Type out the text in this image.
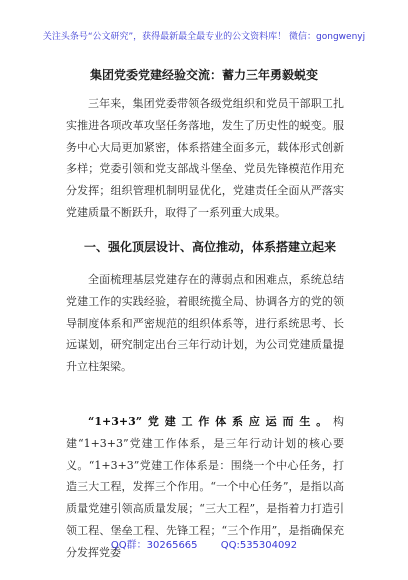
关注头条号“公文研究”，获得最新最全最专业的公文资料库！ 微信：gongwenyj
集团党委党建经验交流：蓄力三年勇毅蜕变

三年来，集团党委带领各级党组织和党员干部职工扎实推进各项改革攻坚任务落地，发生了历史性的蜕变。服务中心大局更加紧密，体系搭建全面多元，载体形式创新多样；党委引领和党支部战斗堡垒、党员先锋模范作用充分发挥；组织管理机制明显优化，党建责任全面从严落实党建质量不断跃升，取得了一系列重大成果。

一、强化顶层设计、高位推动，体系搭建立起来

全面梳理基层党建存在的薄弱点和困难点，系统总结党建工作的实践经验，着眼统揽全局、协调各方的党的领导制度体系和严密规范的组织体系等，进行系统思考、长远谋划，研究制定出台三年行动计划，为公司党建质量提升立柱架梁。

“1+3+3”党建工作体系应运而生。构建“1+3+3”党建工作体系，是三年行动计划的核心要义。“1+3+3”党建工作体系是：围绕一个中心任务，打造三大工程，发挥三个作用。“一个中心任务”，是指以高质量党建引领高质量发展；“三大工程”，是指着力打造引领工程、堡垒工程、先锋工程；“三个作用”，是指确保充分发挥党委

QQ群：30265665 QQ:535304092
